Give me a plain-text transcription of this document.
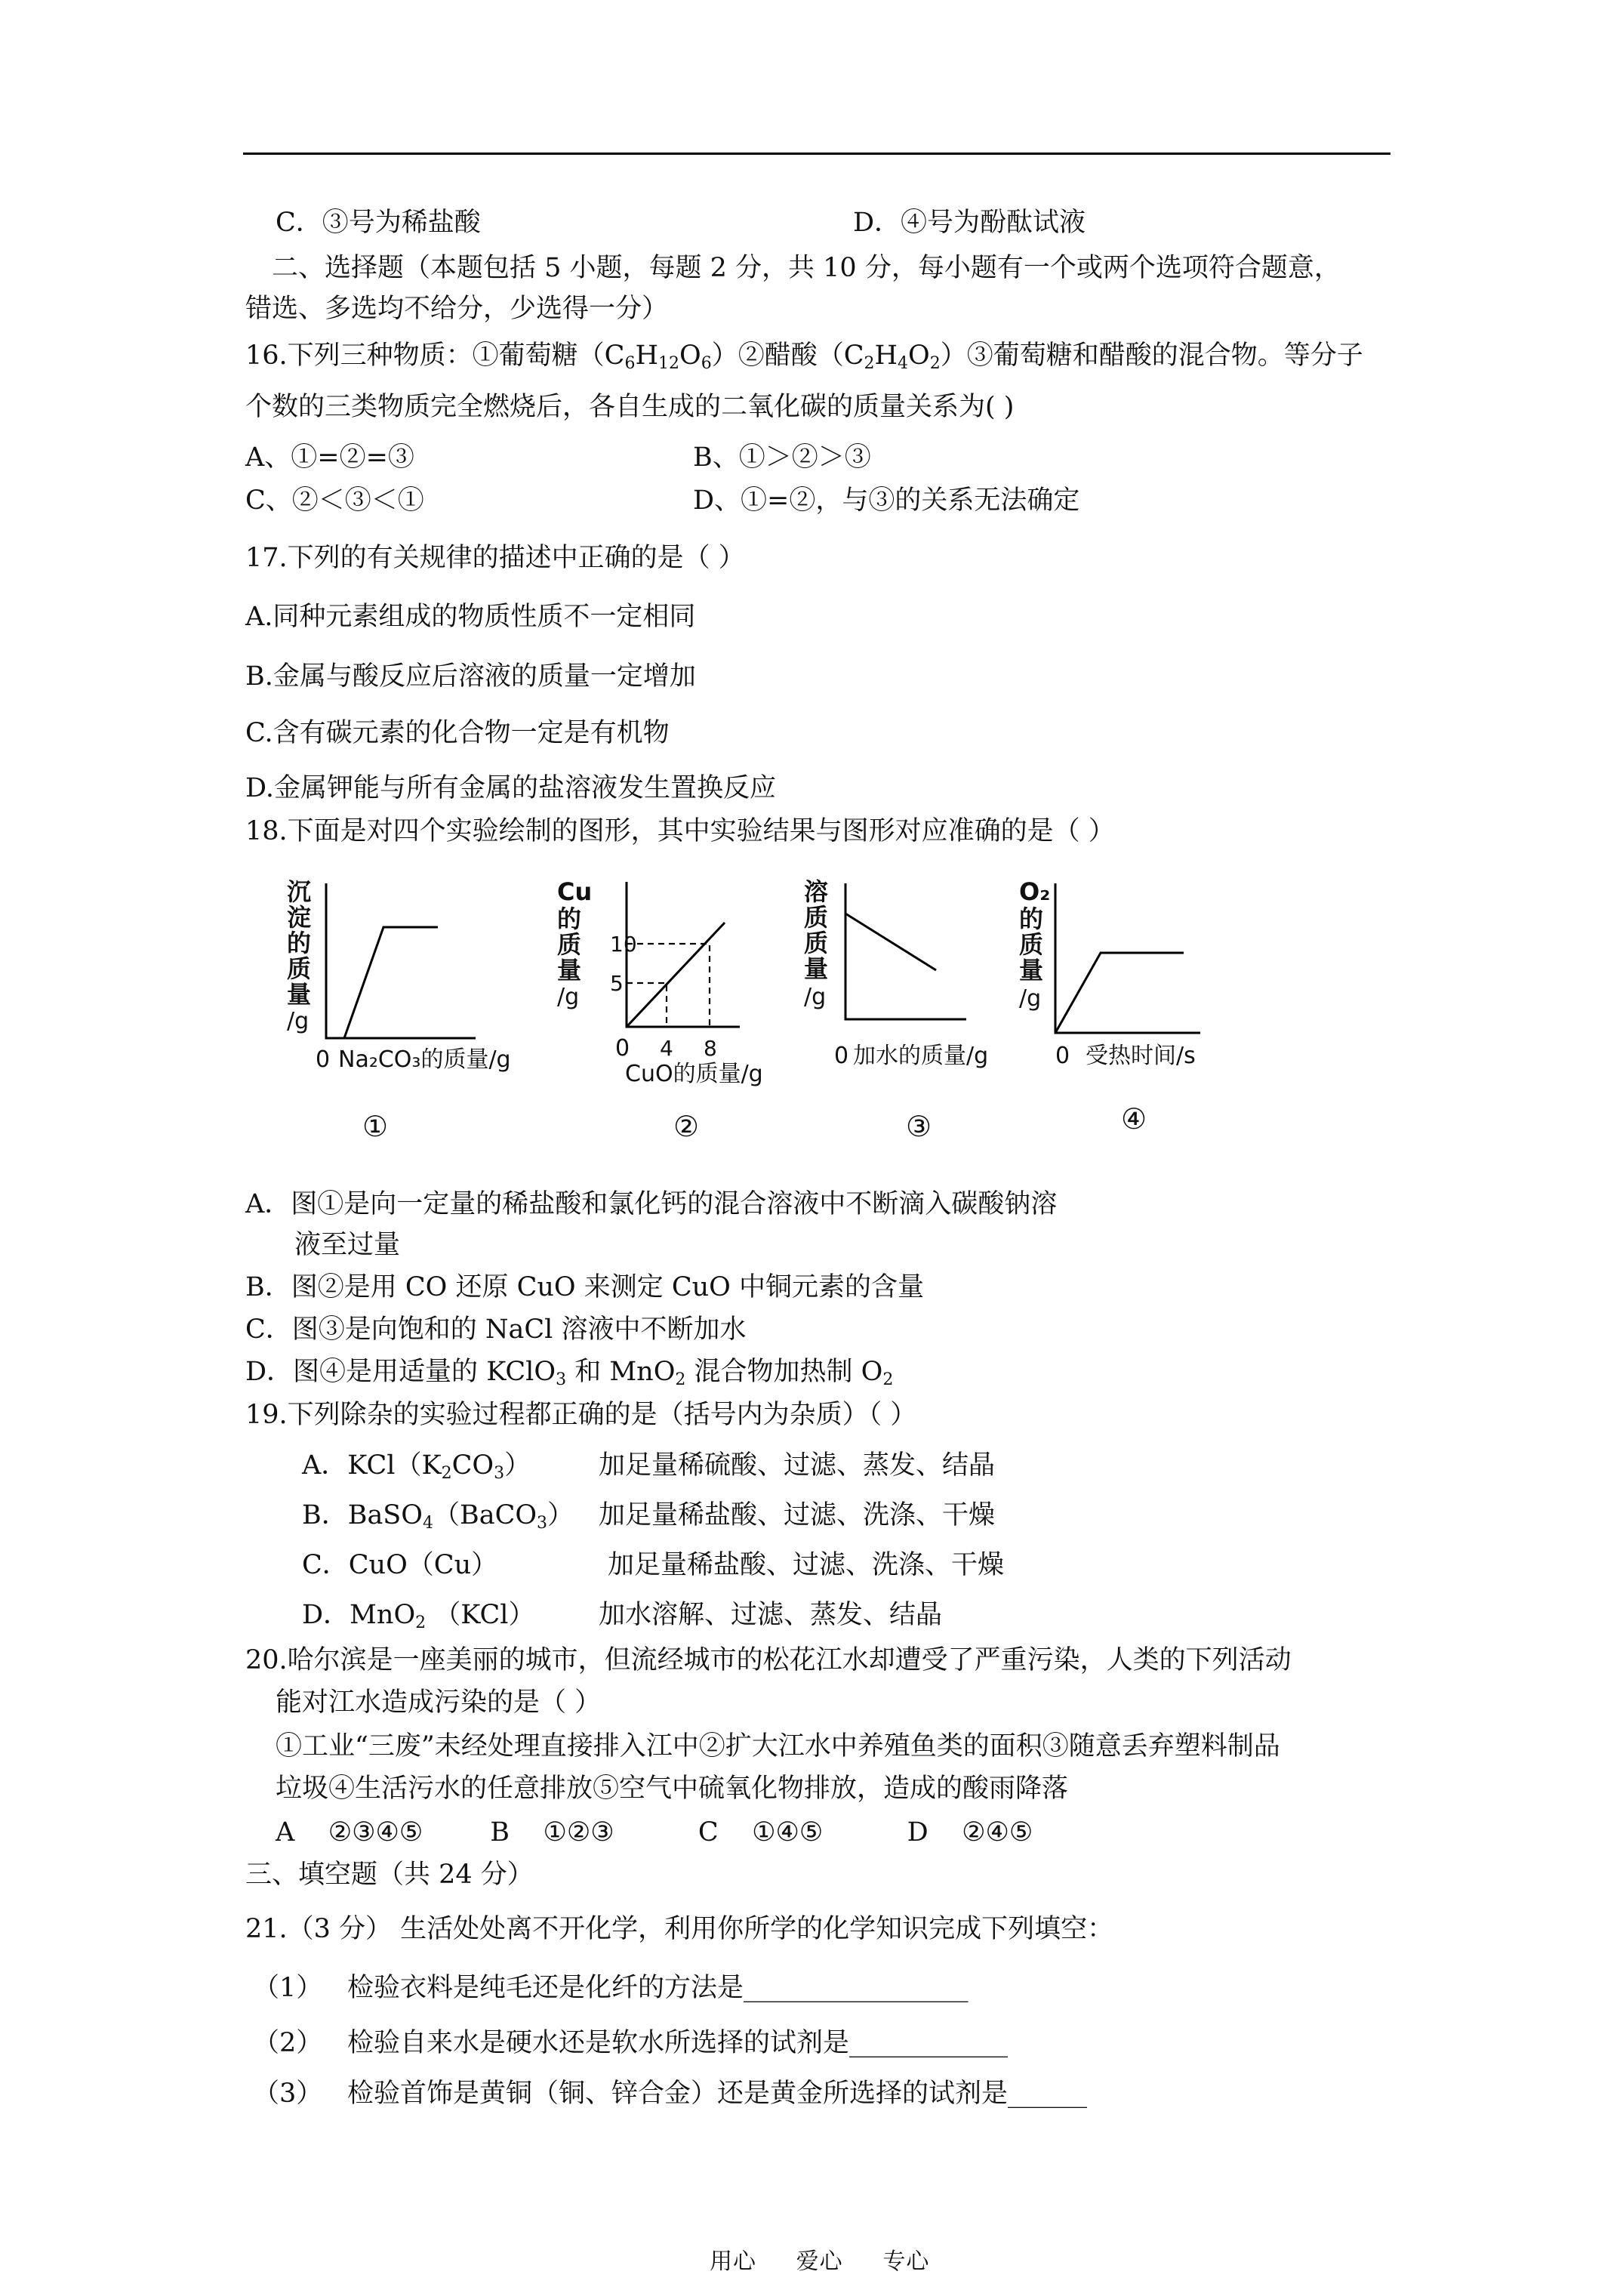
C．③号为稀盐酸	D．④号为酚酞试液
二、选择题（本题包括 5 小题，每题 2 分，共 10 分，每小题有一个或两个选项符合题意，
错选、多选均不给分，少选得一分）
16.下列三种物质：①葡萄糖$(C_6H_{12}O_6)②$醋酸$(C_2H_4O_2)③$葡萄糖和醋酸的混合物。等分子
个数的三类物质完全燃烧后，各自生成的二氧化碳的质量关系为( )
A、①=②=③	B、①＞②＞③
C、②＜③＜①	D、①=②，与③的关系无法确定
17.下列的有关规律的描述中正确的是（ ）
A.同种元素组成的物质性质不一定相同
B.金属与酸反应后溶液的质量一定增加
C.含有碳元素的化合物一定是有机物
D.金属钾能与所有金属的盐溶液发生置换反应
18.下面是对四个实验绘制的图形，其中实验结果与图形对应准确的是（ ）
沉
淀
的
质
量
/g
0 Na₂CO₃的质量/g
①
Cu
的
质
量
/g
10
5
0 4 8
CuO的质量/g
②
溶
质
质
量
/g
0 加水的质量/g
③
O₂
的
质
量
/g
0 受热时间/s
④
A．图①是向一定量的稀盐酸和氯化钙的混合溶液中不断滴入碳酸钠溶
液至过量
B．图②是用 CO 还原 CuO 来测定 CuO 中铜元素的含量
C．图③是向饱和的 NaCl 溶液中不断加水
D．图④是用适量的 KClO$_3$ 和 MnO$_2$ 混合物加热制 $O_2$
19.下列除杂的实验过程都正确的是（括号内为杂质）（ ）
A．$KCl(K_2CO_3)$	加足量稀硫酸、过滤、蒸发、结晶
B．BaSO$_4$（BaCO$_3$） 加足量稀盐酸、过滤、洗涤、干燥
C．CuO（Cu）	加足量稀盐酸、过滤、洗涤、干燥
D．MnO$_2$ （KCl） 加水溶解、过滤、蒸发、结晶
20.哈尔滨是一座美丽的城市，但流经城市的松花江水却遭受了严重污染，人类的下列活动
能对江水造成污染的是（ ）
①工业“三废”未经处理直接排入江中②扩大江水中养殖鱼类的面积③随意丢弃塑料制品
垃圾④生活污水的任意排放⑤空气中硫氧化物排放，造成的酸雨降落
A    ②③④⑤        B    ①②③          C    ①④⑤          D    ②④⑤
三、填空题（共 24 分）
21.（3 分） 生活处处离不开化学，利用你所学的化学知识完成下列填空：
（1） 检验衣料是纯毛还是化纤的方法是_________________
（2） 检验自来水是硬水还是软水所选择的试剂是____________
（3） 检验首饰是黄铜（铜、锌合金）还是黄金所选择的试剂是______
用心     爱心     专心
